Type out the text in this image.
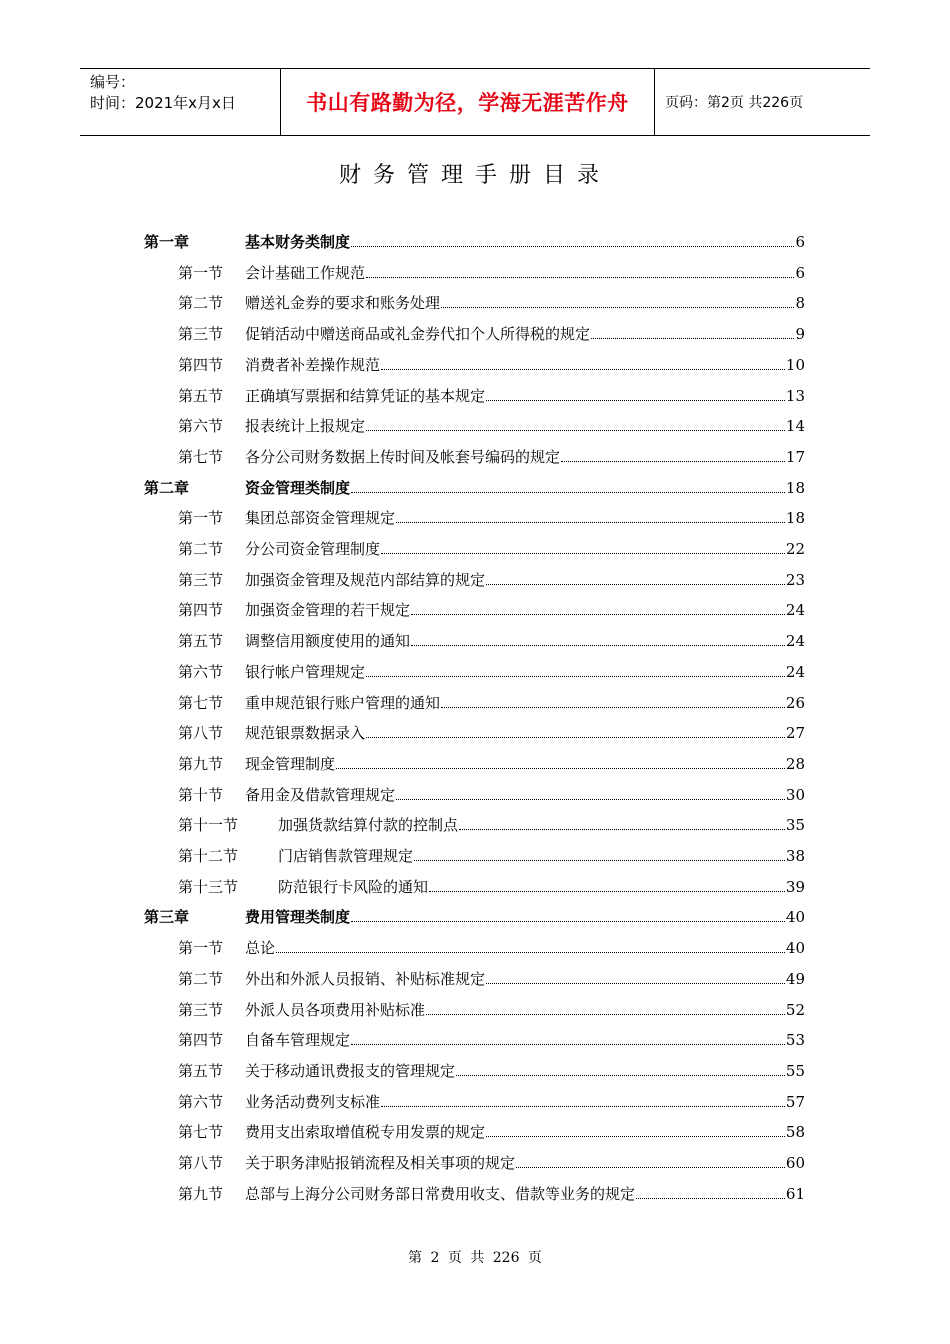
编号：
时间：2021年x月x日	书山有路勤为径，学海无涯苦作舟	页码：第2页 共226页
财务管理手册目录
第一章	基本财务类制度	6
第一节 会计基础工作规范	6
第二节 赠送礼金券的要求和账务处理	8
第三节 促销活动中赠送商品或礼金券代扣个人所得税的规定	9
第四节 消费者补差操作规范	10
第五节 正确填写票据和结算凭证的基本规定	13
第六节 报表统计上报规定	14
第七节 各分公司财务数据上传时间及帐套号编码的规定	17
第二章	资金管理类制度	18
第一节 集团总部资金管理规定	18
第二节 分公司资金管理制度	22
第三节 加强资金管理及规范内部结算的规定	23
第四节 加强资金管理的若干规定	24
第五节 调整信用额度使用的通知	24
第六节 银行帐户管理规定	24
第七节 重申规范银行账户管理的通知	26
第八节 规范银票数据录入	27
第九节 现金管理制度	28
第十节 备用金及借款管理规定	30
第十一节	加强货款结算付款的控制点	35
第十二节	门店销售款管理规定	38
第十三节	防范银行卡风险的通知	39
第三章	费用管理类制度	40
第一节 总论	40
第二节 外出和外派人员报销、补贴标准规定	49
第三节 外派人员各项费用补贴标准	52
第四节 自备车管理规定	53
第五节 关于移动通讯费报支的管理规定	55
第六节 业务活动费列支标准	57
第七节 费用支出索取增值税专用发票的规定	58
第八节 关于职务津贴报销流程及相关事项的规定	60
第九节 总部与上海分公司财务部日常费用收支、借款等业务的规定	61
第 2 页 共 226 页
